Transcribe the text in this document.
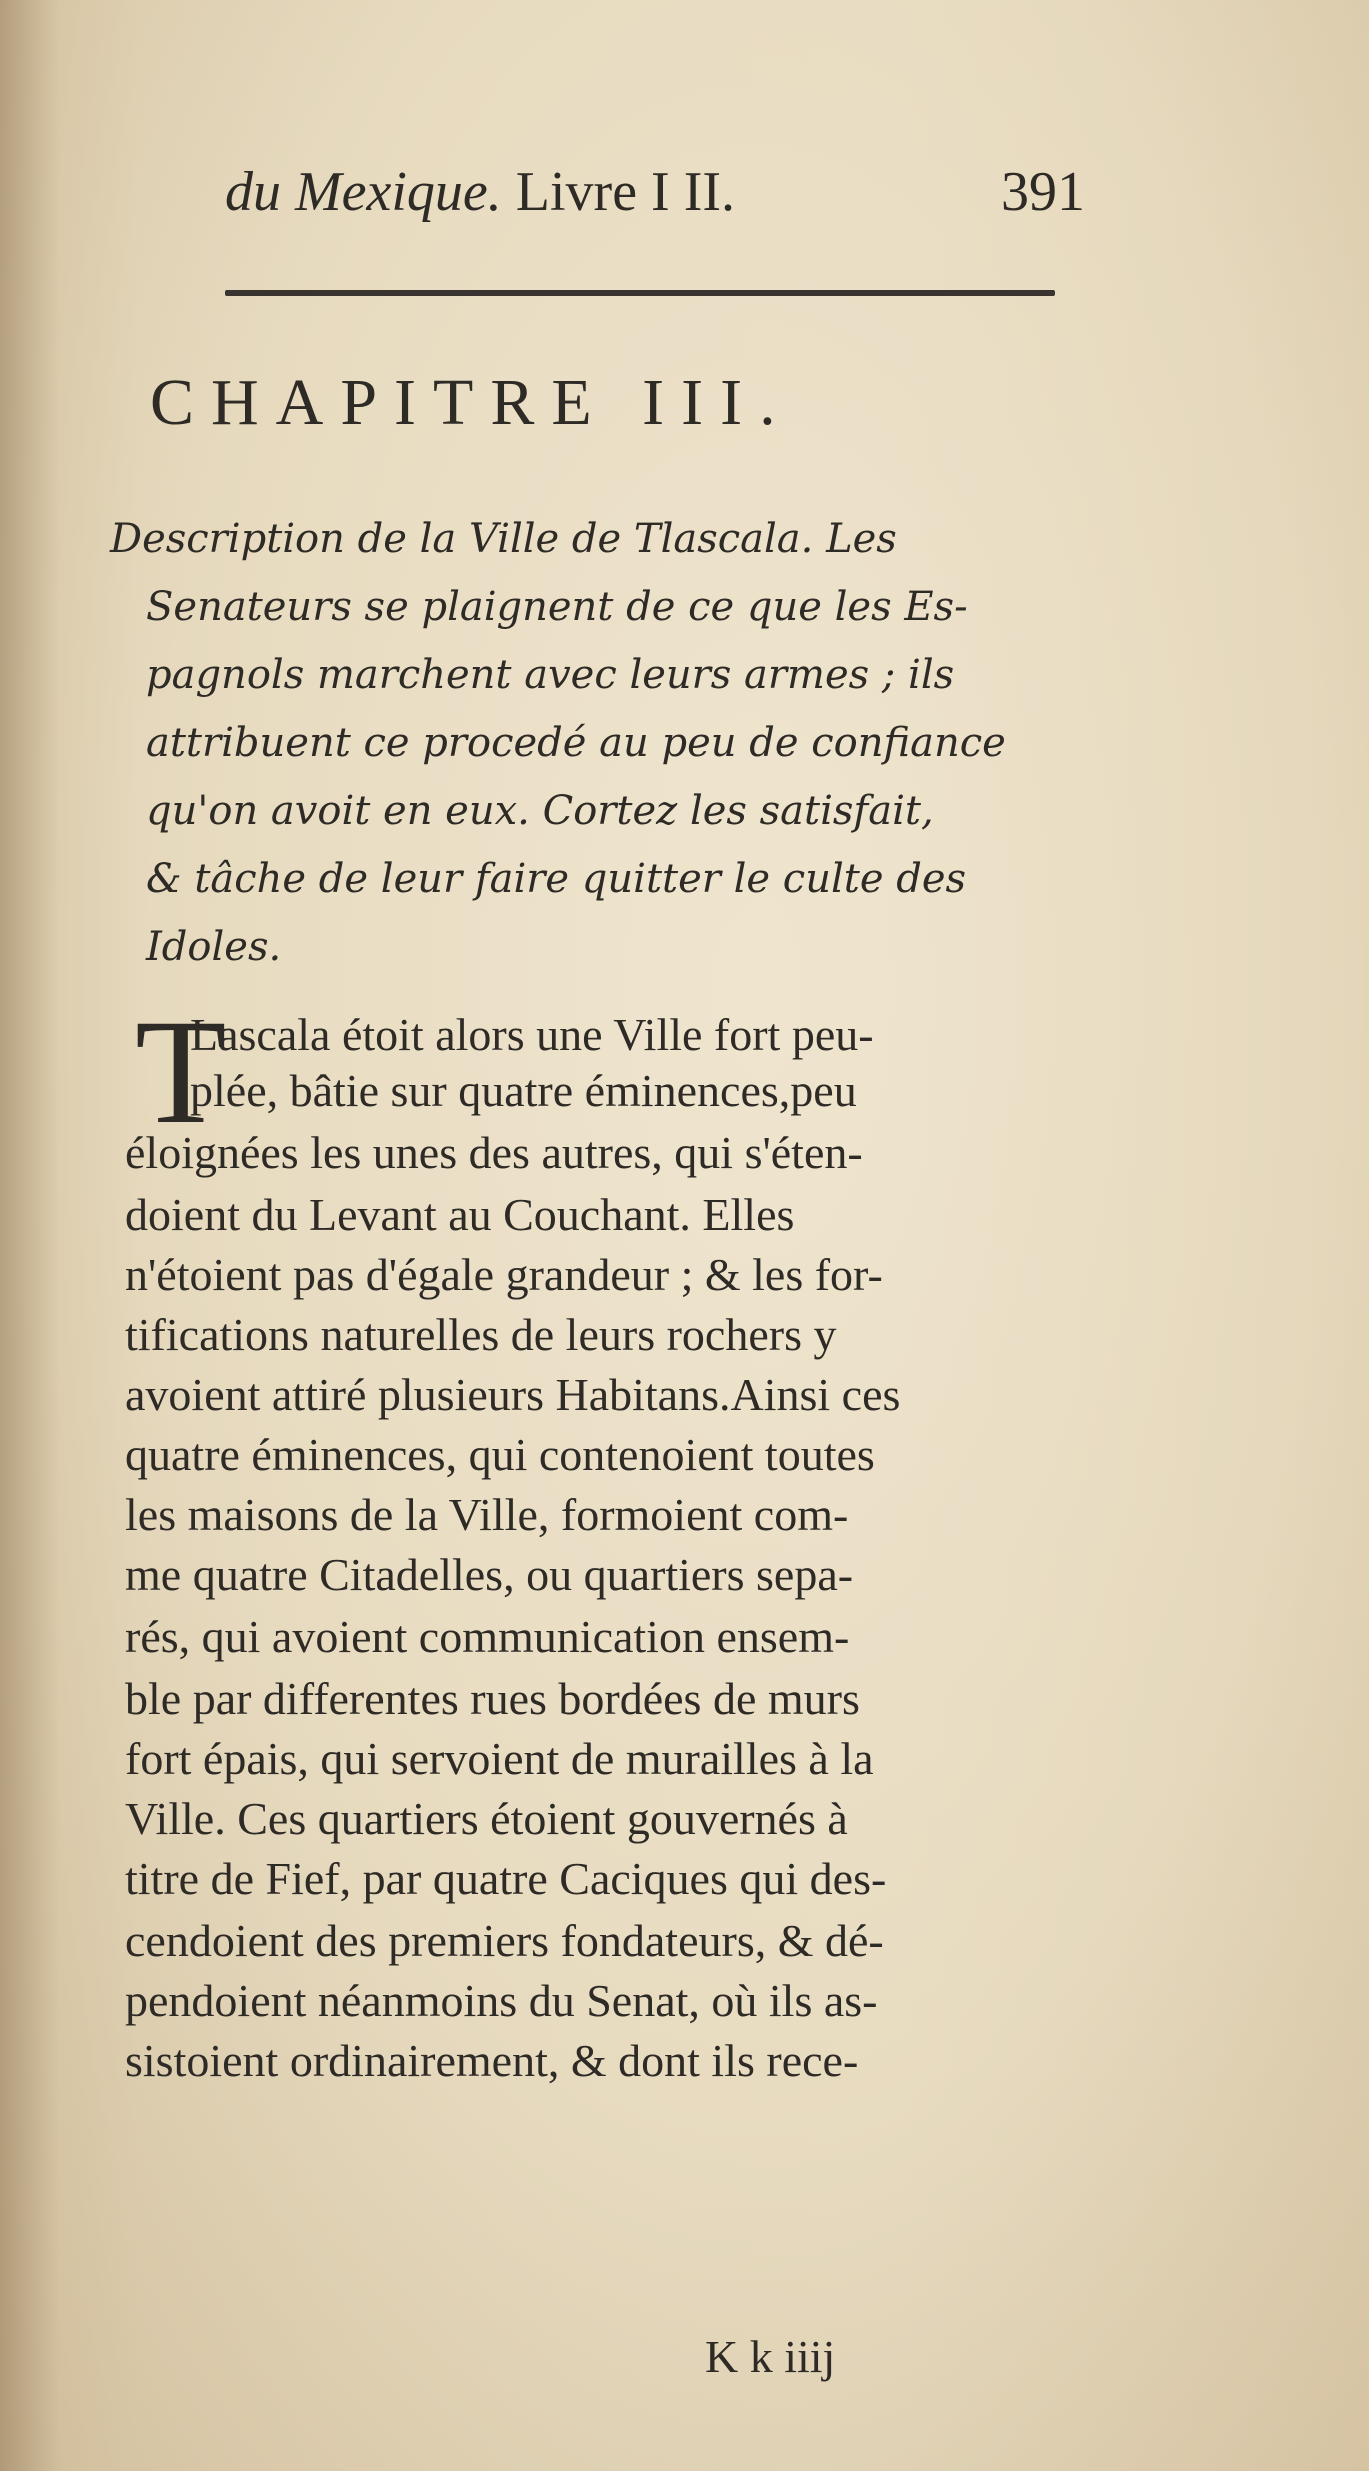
du Mexique. Livre I II.	391
CHAPITRE III.
Description de la Ville de Tlascala. Les
Senateurs se plaignent de ce que les Es-
pagnols marchent avec leurs armes ; ils
attribuent ce procedé au peu de confiance
qu'on avoit en eux. Cortez les satisfait,
& tâche de leur faire quitter le culte des
Idoles.
T
Lascala étoit alors une Ville fort peu-
plée, bâtie sur quatre éminences,peu
éloignées les unes des autres, qui s'éten-
doient du Levant au Couchant. Elles
n'étoient pas d'égale grandeur ; & les for-
tifications naturelles de leurs rochers y
avoient attiré plusieurs Habitans.Ainsi ces
quatre éminences, qui contenoient toutes
les maisons de la Ville, formoient com-
me quatre Citadelles, ou quartiers sepa-
rés, qui avoient communication ensem-
ble par differentes rues bordées de murs
fort épais, qui servoient de murailles à la
Ville. Ces quartiers étoient gouvernés à
titre de Fief, par quatre Caciques qui des-
cendoient des premiers fondateurs, & dé-
pendoient néanmoins du Senat, où ils as-
sistoient ordinairement, & dont ils rece-
K k iiij
